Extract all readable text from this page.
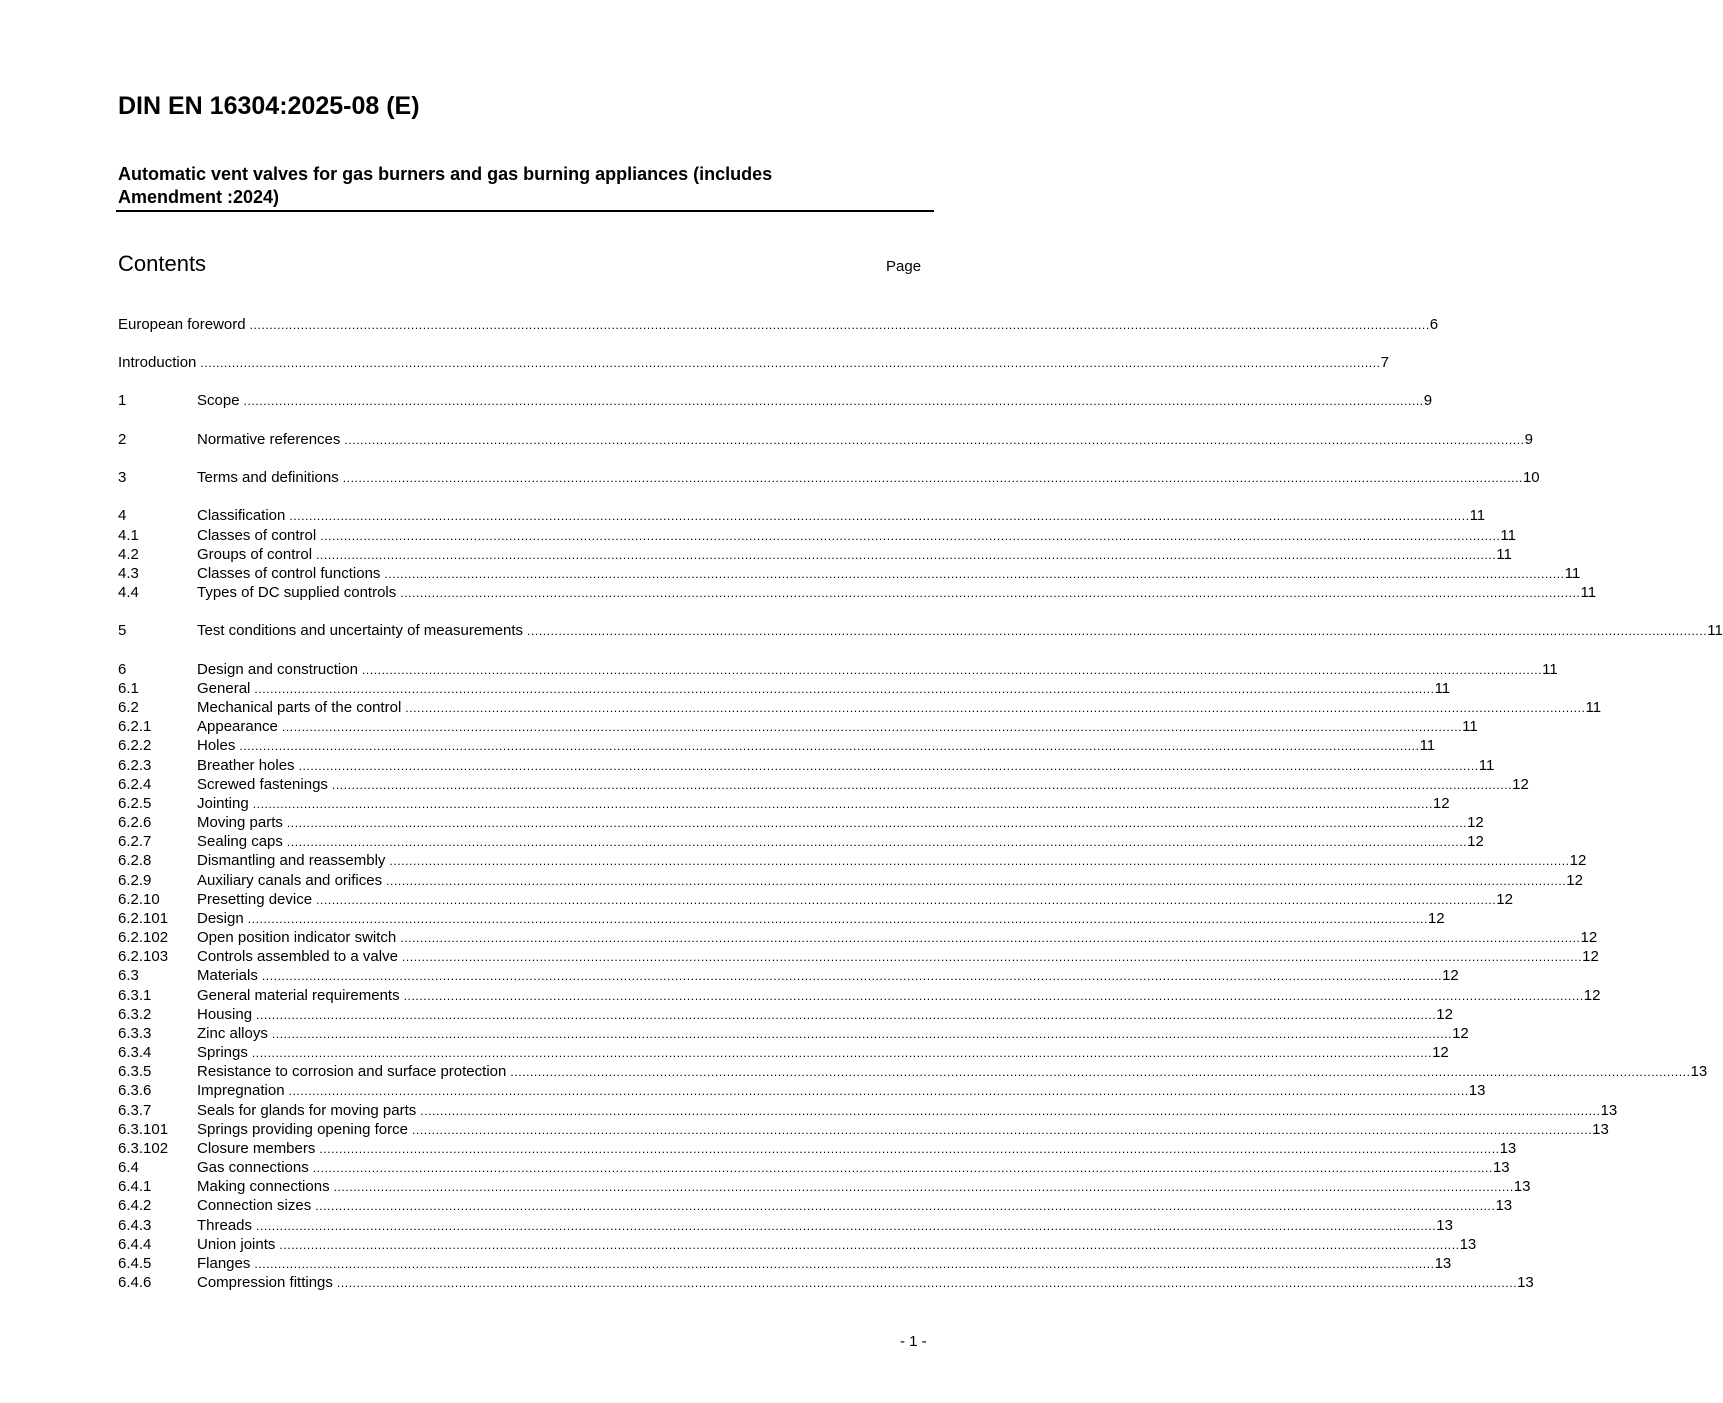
DIN EN 16304:2025-08 (E)

Automatic vent valves for gas burners and gas burning appliances (includes Amendment :2024)

Contents	Page
European foreword ............................................................................................................................................................................................................................................................................................................ 6
Introduction ............................................................................................................................................................................................................................................................................................................ 7
1	Scope ............................................................................................................................................................................................................................................................................................................ 9
2	Normative references ............................................................................................................................................................................................................................................................................................................ 9
3	Terms and definitions ............................................................................................................................................................................................................................................................................................................ 10
4	Classification ............................................................................................................................................................................................................................................................................................................ 11
4.1	Classes of control ............................................................................................................................................................................................................................................................................................................ 11
4.2	Groups of control ............................................................................................................................................................................................................................................................................................................ 11
4.3	Classes of control functions ............................................................................................................................................................................................................................................................................................................ 11
4.4	Types of DC supplied controls ............................................................................................................................................................................................................................................................................................................ 11
5	Test conditions and uncertainty of measurements ............................................................................................................................................................................................................................................................................................................ 11
6	Design and construction ............................................................................................................................................................................................................................................................................................................ 11
6.1	General ............................................................................................................................................................................................................................................................................................................ 11
6.2	Mechanical parts of the control ............................................................................................................................................................................................................................................................................................................ 11
6.2.1	Appearance ............................................................................................................................................................................................................................................................................................................ 11
6.2.2	Holes ............................................................................................................................................................................................................................................................................................................ 11
6.2.3	Breather holes ............................................................................................................................................................................................................................................................................................................ 11
6.2.4	Screwed fastenings ............................................................................................................................................................................................................................................................................................................ 12
6.2.5	Jointing ............................................................................................................................................................................................................................................................................................................ 12
6.2.6	Moving parts ............................................................................................................................................................................................................................................................................................................ 12
6.2.7	Sealing caps ............................................................................................................................................................................................................................................................................................................ 12
6.2.8	Dismantling and reassembly ............................................................................................................................................................................................................................................................................................................ 12
6.2.9	Auxiliary canals and orifices ............................................................................................................................................................................................................................................................................................................ 12
6.2.10	Presetting device ............................................................................................................................................................................................................................................................................................................ 12
6.2.101	Design ............................................................................................................................................................................................................................................................................................................ 12
6.2.102	Open position indicator switch ............................................................................................................................................................................................................................................................................................................ 12
6.2.103	Controls assembled to a valve ............................................................................................................................................................................................................................................................................................................ 12
6.3	Materials ............................................................................................................................................................................................................................................................................................................ 12
6.3.1	General material requirements ............................................................................................................................................................................................................................................................................................................ 12
6.3.2	Housing ............................................................................................................................................................................................................................................................................................................ 12
6.3.3	Zinc alloys ............................................................................................................................................................................................................................................................................................................ 12
6.3.4	Springs ............................................................................................................................................................................................................................................................................................................ 12
6.3.5	Resistance to corrosion and surface protection ............................................................................................................................................................................................................................................................................................................ 13
6.3.6	Impregnation ............................................................................................................................................................................................................................................................................................................ 13
6.3.7	Seals for glands for moving parts ............................................................................................................................................................................................................................................................................................................ 13
6.3.101	Springs providing opening force ............................................................................................................................................................................................................................................................................................................ 13
6.3.102	Closure members ............................................................................................................................................................................................................................................................................................................ 13
6.4	Gas connections ............................................................................................................................................................................................................................................................................................................ 13
6.4.1	Making connections ............................................................................................................................................................................................................................................................................................................ 13
6.4.2	Connection sizes ............................................................................................................................................................................................................................................................................................................ 13
6.4.3	Threads ............................................................................................................................................................................................................................................................................................................ 13
6.4.4	Union joints ............................................................................................................................................................................................................................................................................................................ 13
6.4.5	Flanges ............................................................................................................................................................................................................................................................................................................ 13
6.4.6	Compression fittings ............................................................................................................................................................................................................................................................................................................ 13
- 1 -
